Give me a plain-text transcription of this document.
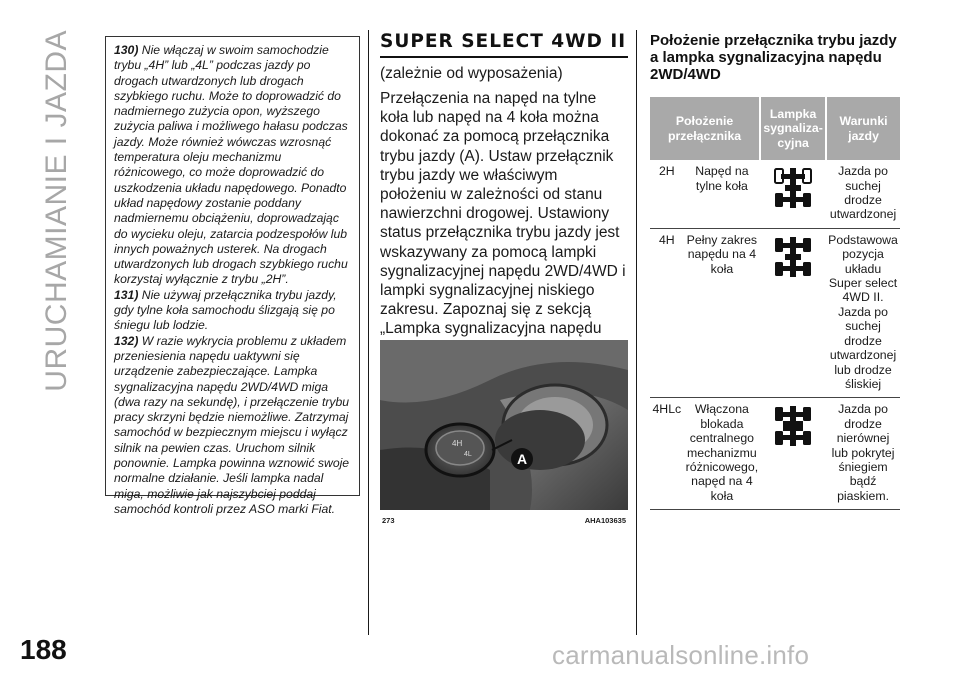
URUCHAMIANIE I JAZDA
188

130) Nie włączaj w swoim samochodzie trybu „4H” lub „4L” podczas jazdy po drogach utwardzonych lub drogach szybkiego ruchu. Może to doprowadzić do nadmiernego zużycia opon, wyższego zużycia paliwa i możliwego hałasu podczas jazdy. Może również wówczas wzrosnąć temperatura oleju mechanizmu różnicowego, co może doprowadzić do uszkodzenia układu napędowego. Ponadto układ napędowy zostanie poddany nadmiernemu obciążeniu, doprowadzając do wycieku oleju, zatarcia podzespołów lub innych poważnych usterek. Na drogach utwardzonych lub drogach szybkiego ruchu korzystaj wyłącznie z trybu „2H”.

131) Nie używaj przełącznika trybu jazdy, gdy tylne koła samochodu ślizgają się po śniegu lub lodzie.

132) W razie wykrycia problemu z układem przeniesienia napędu uaktywni się urządzenie zabezpieczające. Lampka sygnalizacyjna napędu 2WD/4WD miga (dwa razy na sekundę), i przełączenie trybu pracy skrzyni będzie niemożliwe. Zatrzymaj samochód w bezpiecznym miejscu i wyłącz silnik na pewien czas. Uruchom silnik ponownie. Lampka powinna wznowić swoje normalne działanie. Jeśli lampka nadal miga, możliwie jak najszybciej poddaj samochód kontroli przez ASO marki Fiat.

SUPER SELECT 4WD II
(zależnie od wyposażenia)
Przełączenia na napęd na tylne koła lub napęd na 4 koła można dokonać za pomocą przełącznika trybu jazdy (A). Ustaw przełącznik trybu jazdy we właściwym położeniu w zależności od stanu nawierzchni drogowej. Ustawiony status przełącznika trybu jazdy jest wskazywany za pomocą lampki sygnalizacyjnej napędu 2WD/4WD i lampki sygnalizacyjnej niskiego zakresu. Zapoznaj się z sekcją „Lampka sygnalizacyjna napędu
4H
4L	A
273	AHA103635
Położenie przełącznika trybu jazdy a lampka sygnalizacyjna napędu 2WD/4WD
Położenie przełącznika		Lampka sygnaliza- cyjna	Warunki jazdy
2H	Napęd na tylne koła		Jazda po suchej drodze utwardzonej
4H	Pełny zakres napędu na 4 koła		Podstawowa pozycja układu Super select 4WD II. Jazda po suchej drodze utwardzonej lub drodze śliskiej
4HLc	Włączona blokada centralnego mechanizmu różnicowego, napęd na 4 koła		Jazda po drodze nierównej lub pokrytej śniegiem bądź piaskiem.
carmanualsonline.info
